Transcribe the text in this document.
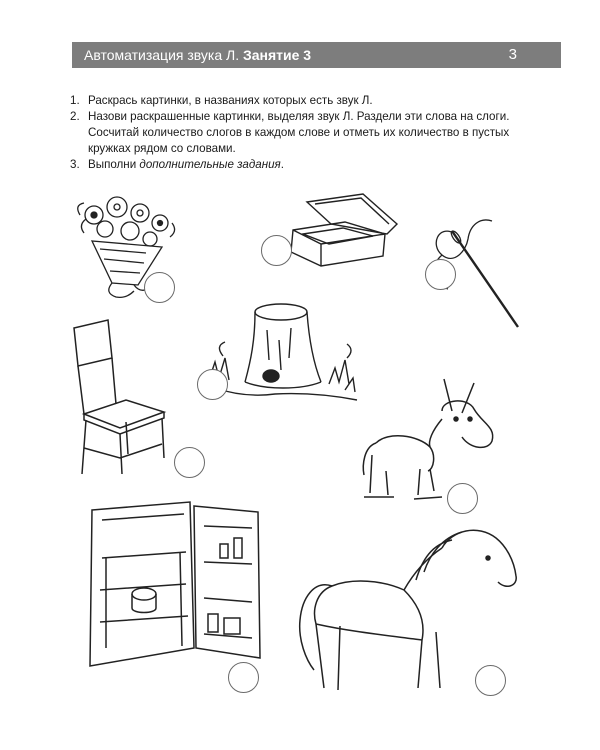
Автоматизация звука Л. Занятие 3	3
1. Раскрась картинки, в названиях которых есть звук Л.
2. Назови раскрашенные картинки, выделяя звук Л. Раздели эти слова на слоги. Сосчитай количество слогов в каждом слове и отметь их количество в пустых кружках рядом со словами.
3. Выполни дополнительные задания.
